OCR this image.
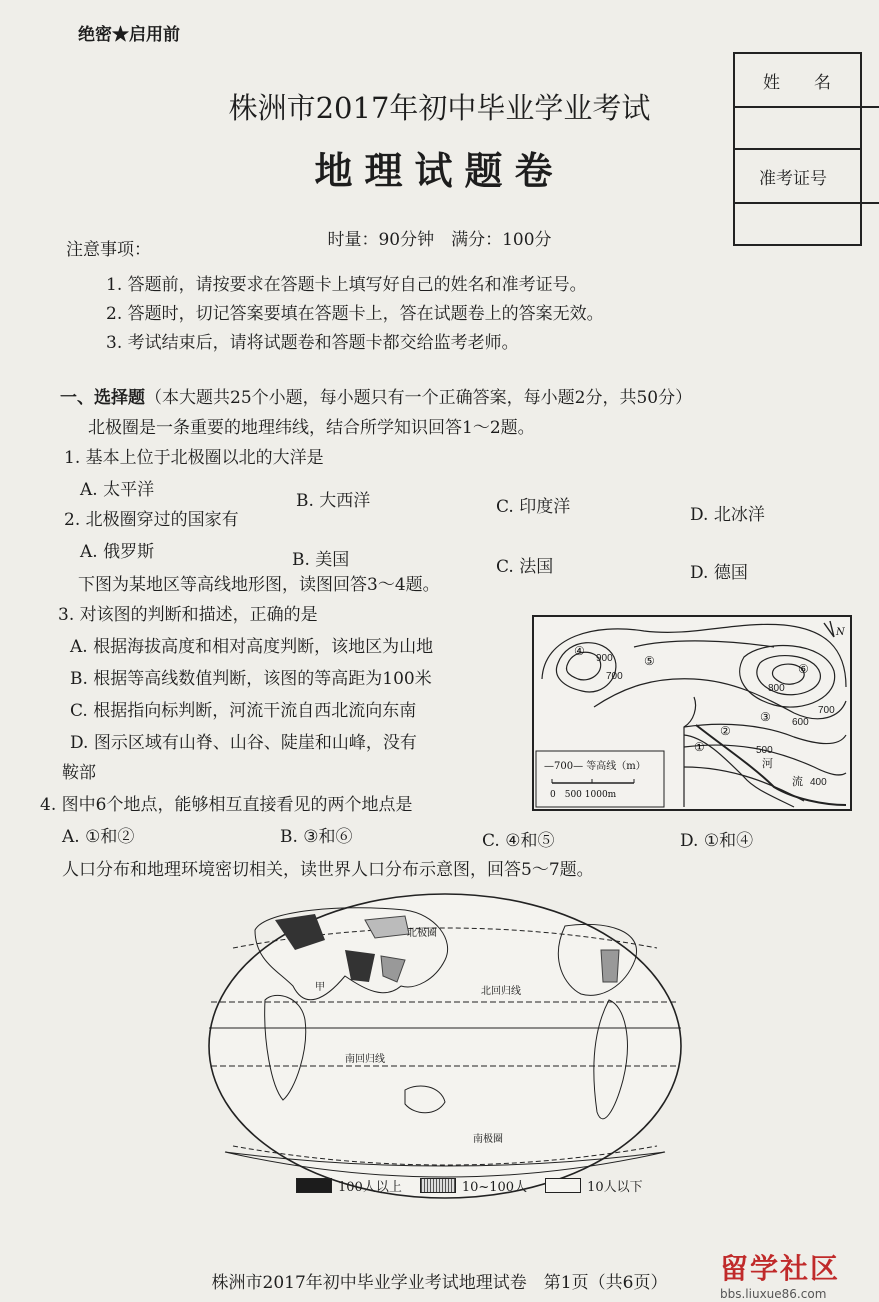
绝密★启用前
株洲市2017年初中毕业学业考试
地理试题卷
姓　　名
准考证号
时量：90分钟　满分：100分
注意事项：
1. 答题前，请按要求在答题卡上填写好自己的姓名和准考证号。
2. 答题时，切记答案要填在答题卡上，答在试题卷上的答案无效。
3. 考试结束后，请将试题卷和答题卡都交给监考老师。
一、选择题（本大题共25个小题，每小题只有一个正确答案，每小题2分，共50分）
北极圈是一条重要的地理纬线，结合所学知识回答1～2题。
1. 基本上位于北极圈以北的大洋是
A. 太平洋
B. 大西洋	C. 印度洋	D. 北冰洋
2. 北极圈穿过的国家有
A. 俄罗斯	B. 美国	C. 法国	D. 德国
下图为某地区等高线地形图，读图回答3～4题。
3. 对该图的判断和描述，正确的是
A. 根据海拔高度和相对高度判断，该地区为山地
B. 根据等高线数值判断，该图的等高距为100米
C. 根据指向标判断，河流干流自西北流向东南
D. 图示区域有山脊、山谷、陡崖和山峰，没有
鞍部
900
700
800
700
600
500
400
①
②
③
④
⑤
⑥
河
流
N
—700— 等高线（m）
0　500 1000m
4. 图中6个地点，能够相互直接看见的两个地点是
A. ①和②	B. ③和⑥	C. ④和⑤	D. ①和④
人口分布和地理环境密切相关，读世界人口分布示意图，回答5～7题。
北极圈
北回归线
南回归线
南极圈
甲
100人以上	10~100人	10人以下
株洲市2017年初中毕业学业考试地理试卷　第1页（共6页）	留学社区
bbs.liuxue86.com
